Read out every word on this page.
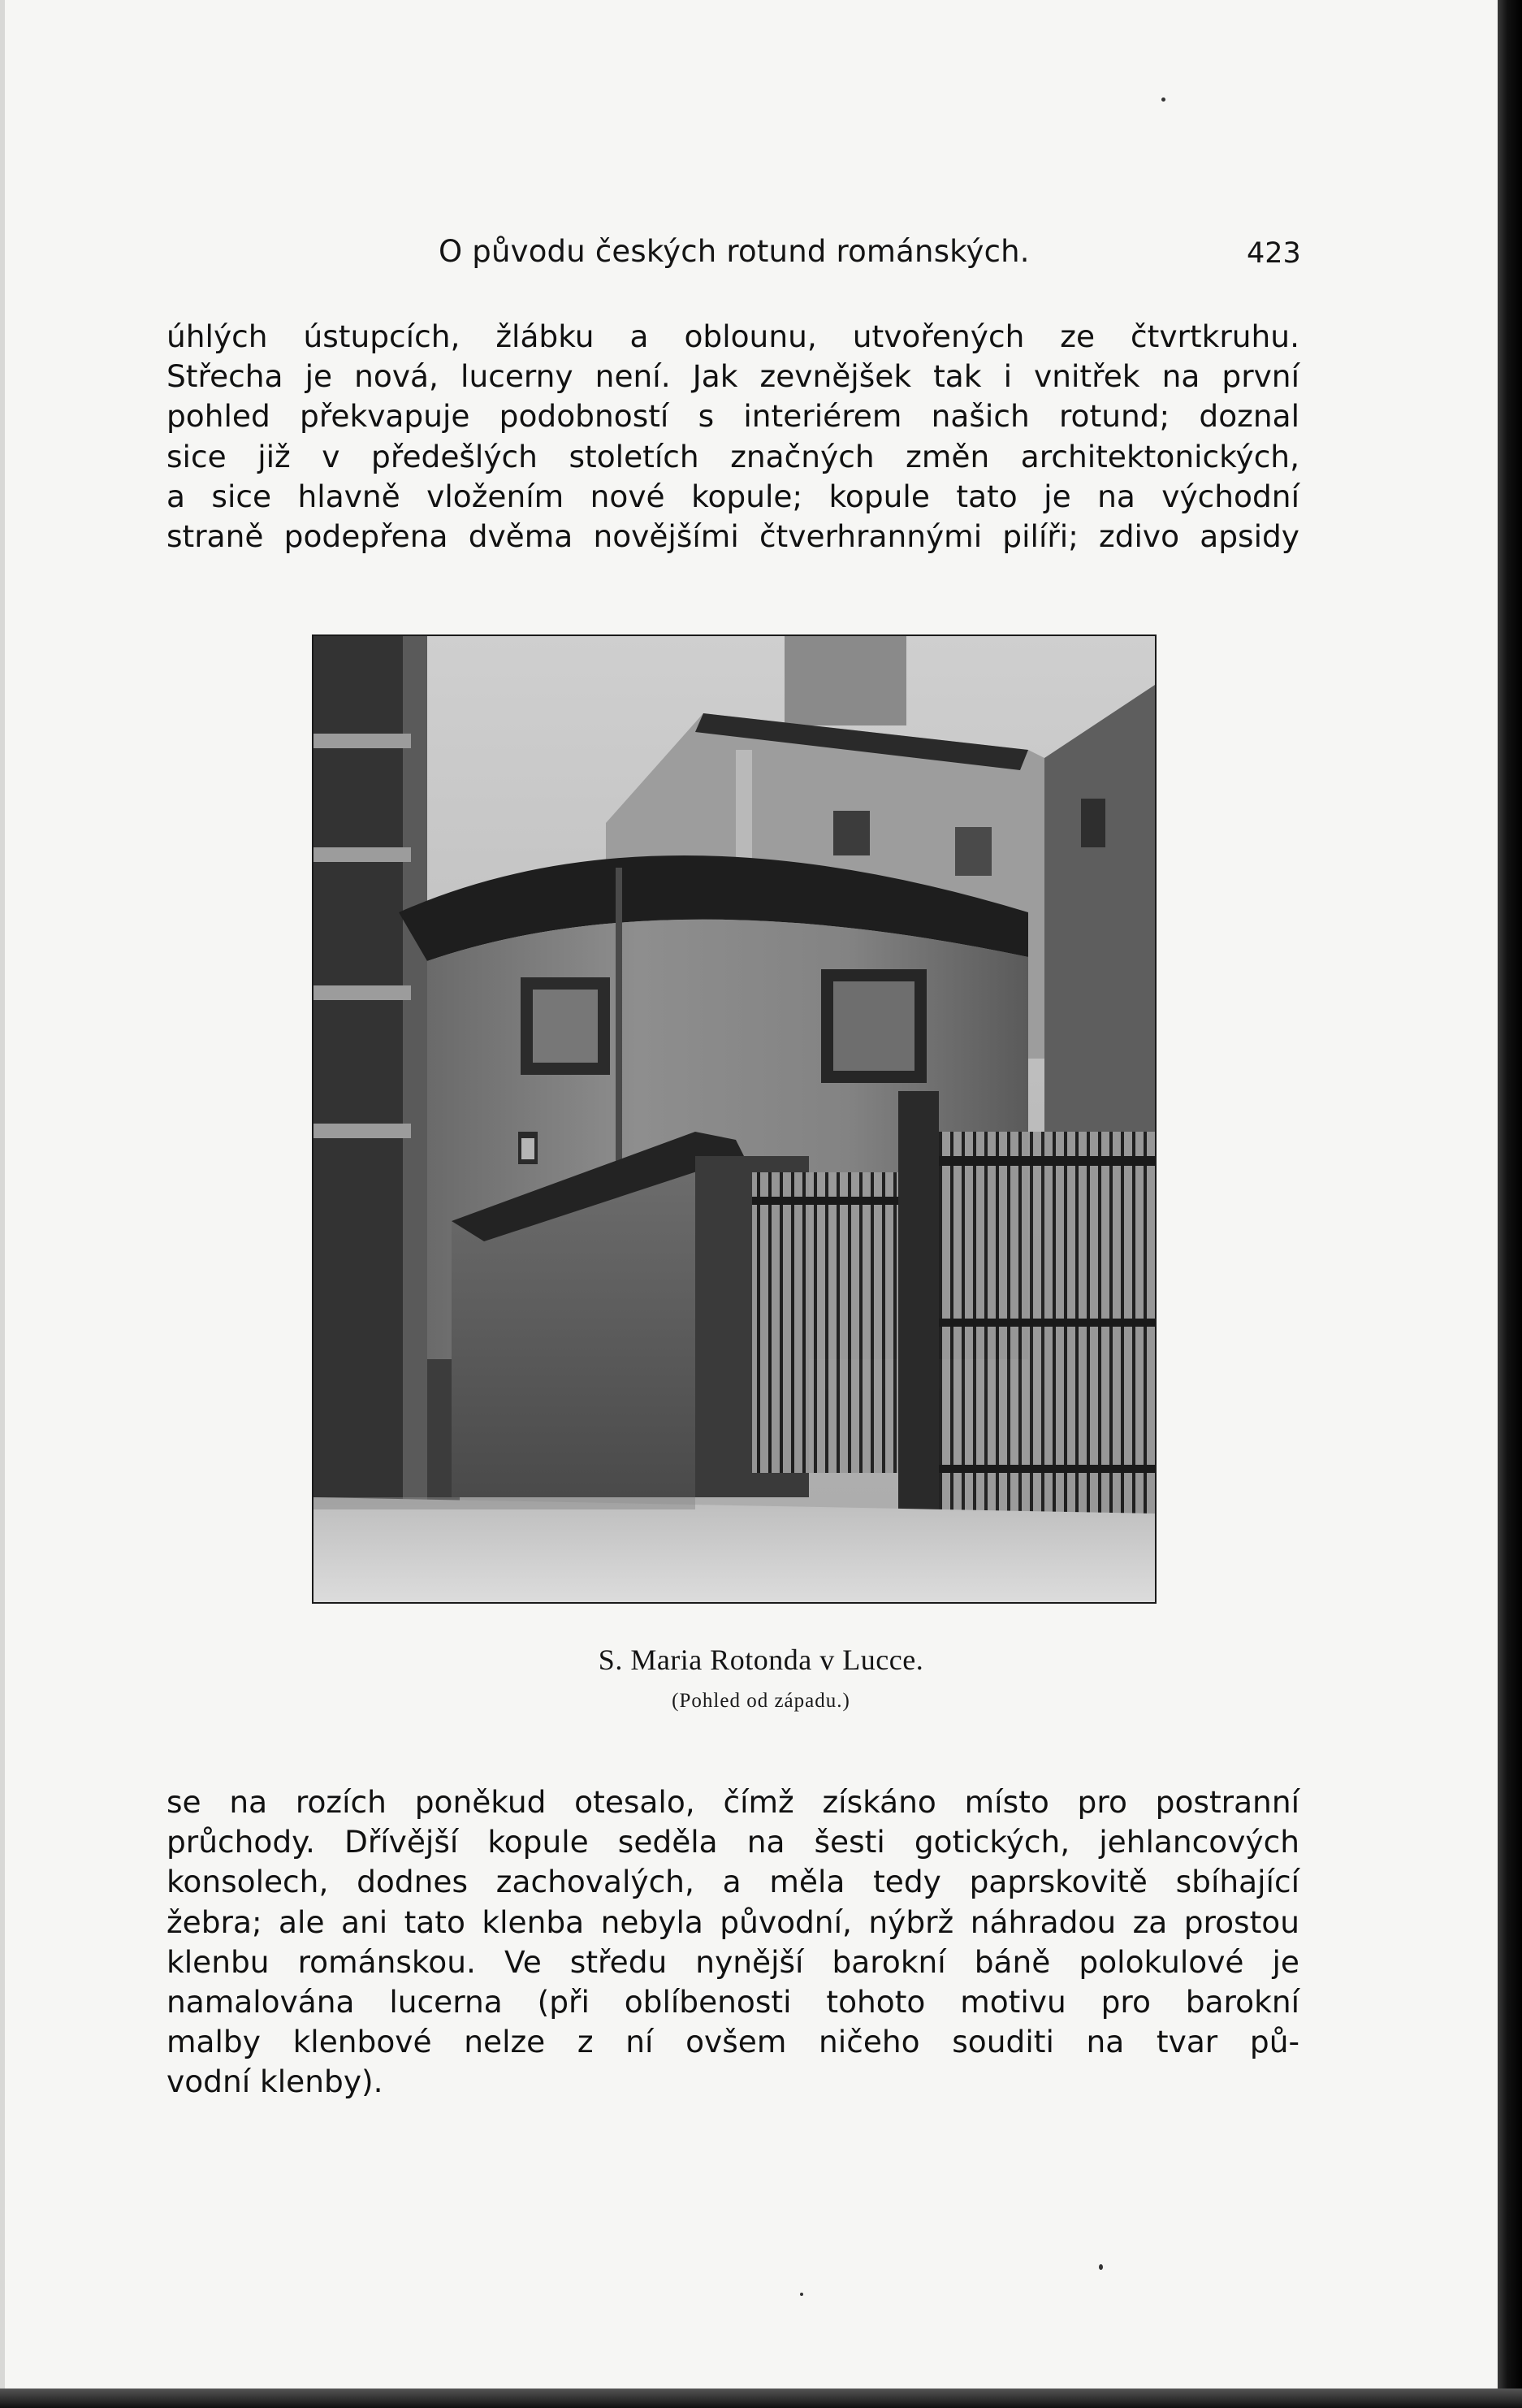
O původu českých rotund románských.	423
úhlých ústupcích, žlábku a oblounu, utvořených ze čtvrtkruhu.
Střecha je nová, lucerny není. Jak zevnějšek tak i vnitřek na první
pohled překvapuje podobností s interiérem našich rotund; doznal
sice již v předešlých stoletích značných změn architektonických,
a sice hlavně vložením nové kopule; kopule tato je na východní
straně podepřena dvěma novějšími čtverhrannými pilíři; zdivo apsidy
S. Maria Rotonda v Lucce.
(Pohled od západu.)
se na rozích poněkud otesalo, čímž získáno místo pro postranní
průchody. Dřívější kopule seděla na šesti gotických, jehlancových
konsolech, dodnes zachovalých, a měla tedy paprskovitě sbíhající
žebra; ale ani tato klenba nebyla původní, nýbrž náhradou za prostou
klenbu románskou. Ve středu nynější barokní báně polokulové je
namalována lucerna (při oblíbenosti tohoto motivu pro barokní
malby klenbové nelze z ní ovšem ničeho souditi na tvar pů-
vodní klenby).
